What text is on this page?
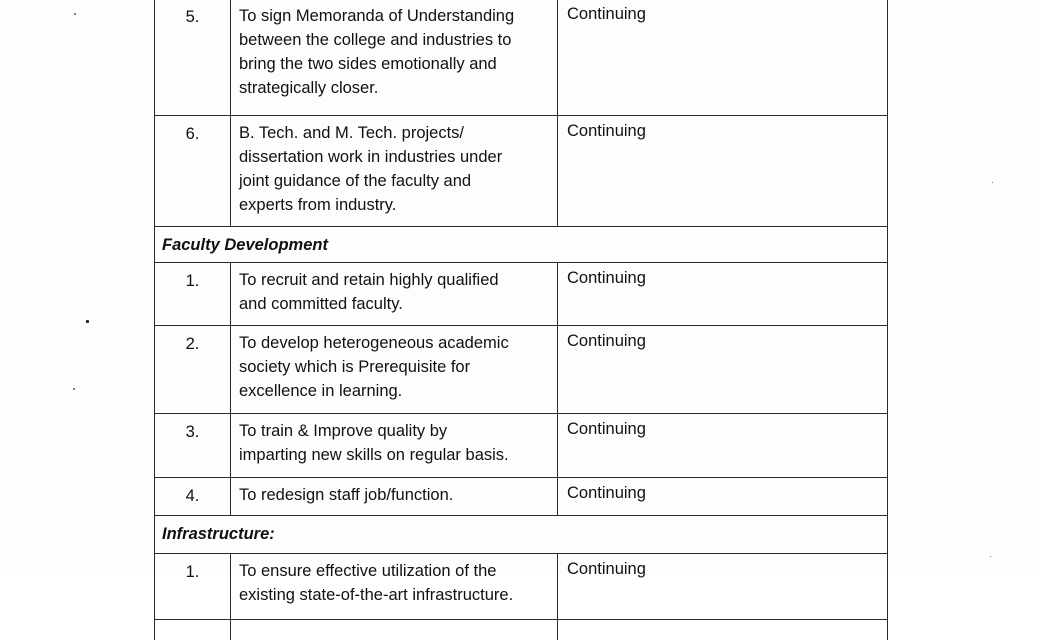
5.	To sign Memoranda of Understanding
between the college and industries to
bring the two sides emotionally and
strategically closer.	Continuing
6.	B. Tech. and M. Tech. projects/
dissertation work in industries under
joint guidance of the faculty and
experts from industry.	Continuing
Faculty Development		
1.	To recruit and retain highly qualified
and committed faculty.	Continuing
2.	To develop heterogeneous academic
society which is Prerequisite for
excellence in learning.	Continuing
3.	To train & Improve quality by
imparting new skills on regular basis.	Continuing
4.	To redesign staff job/function.	Continuing
Infrastructure:		
1.	To ensure effective utilization of the
existing state-of-the-art infrastructure.	Continuing
